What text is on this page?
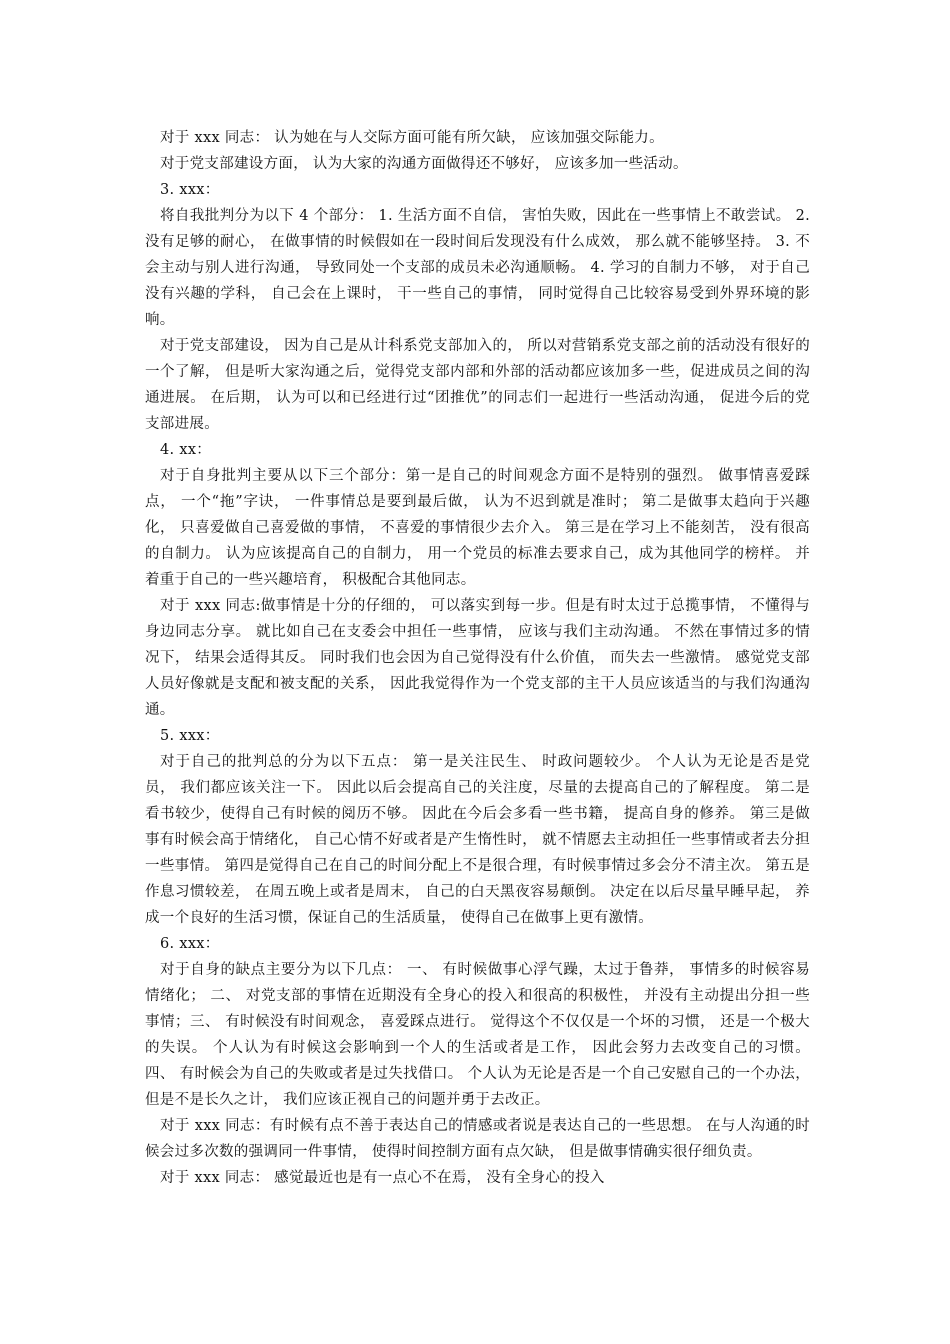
对于 xxx 同志： 认为她在与人交际方面可能有所欠缺， 应该加强交际能力。

对于党支部建设方面， 认为大家的沟通方面做得还不够好， 应该多加一些活动。

3. xxx：

将自我批判分为以下 4 个部分： 1. 生活方面不自信， 害怕失败，因此在一些事情上不敢尝试。 2. 没有足够的耐心， 在做事情的时候假如在一段时间后发现没有什么成效， 那么就不能够坚持。 3. 不会主动与别人进行沟通， 导致同处一个支部的成员未必沟通顺畅。 4. 学习的自制力不够， 对于自己没有兴趣的学科， 自己会在上课时， 干一些自己的事情， 同时觉得自己比较容易受到外界环境的影响。

对于党支部建设， 因为自己是从计科系党支部加入的， 所以对营销系党支部之前的活动没有很好的一个了解， 但是听大家沟通之后，觉得党支部内部和外部的活动都应该加多一些，促进成员之间的沟通进展。 在后期， 认为可以和已经进行过“团推优”的同志们一起进行一些活动沟通， 促进今后的党支部进展。

4. xx：

对于自身批判主要从以下三个部分：第一是自己的时间观念方面不是特别的强烈。 做事情喜爱踩点， 一个“拖”字诀， 一件事情总是要到最后做， 认为不迟到就是准时； 第二是做事太趋向于兴趣化， 只喜爱做自己喜爱做的事情， 不喜爱的事情很少去介入。 第三是在学习上不能刻苦， 没有很高的自制力。 认为应该提高自己的自制力， 用一个党员的标准去要求自己，成为其他同学的榜样。 并着重于自己的一些兴趣培育， 积极配合其他同志。

对于 xxx 同志:做事情是十分的仔细的， 可以落实到每一步。但是有时太过于总揽事情， 不懂得与身边同志分享。 就比如自己在支委会中担任一些事情， 应该与我们主动沟通。 不然在事情过多的情况下， 结果会适得其反。 同时我们也会因为自己觉得没有什么价值， 而失去一些激情。 感觉党支部人员好像就是支配和被支配的关系， 因此我觉得作为一个党支部的主干人员应该适当的与我们沟通沟通。

5. xxx：

对于自己的批判总的分为以下五点： 第一是关注民生、 时政问题较少。 个人认为无论是否是党员， 我们都应该关注一下。 因此以后会提高自己的关注度，尽量的去提高自己的了解程度。 第二是看书较少，使得自己有时候的阅历不够。 因此在今后会多看一些书籍， 提高自身的修养。 第三是做事有时候会高于情绪化， 自己心情不好或者是产生惰性时， 就不情愿去主动担任一些事情或者去分担一些事情。 第四是觉得自己在自己的时间分配上不是很合理，有时候事情过多会分不清主次。 第五是作息习惯较差， 在周五晚上或者是周末， 自己的白天黑夜容易颠倒。 决定在以后尽量早睡早起， 养成一个良好的生活习惯，保证自己的生活质量， 使得自己在做事上更有激情。

6. xxx：

对于自身的缺点主要分为以下几点： 一、 有时候做事心浮气躁，太过于鲁莽， 事情多的时候容易情绪化； 二、 对党支部的事情在近期没有全身心的投入和很高的积极性， 并没有主动提出分担一些事情；三、 有时候没有时间观念， 喜爱踩点进行。 觉得这个不仅仅是一个坏的习惯， 还是一个极大的失误。 个人认为有时候这会影响到一个人的生活或者是工作， 因此会努力去改变自己的习惯。 四、 有时候会为自己的失败或者是过失找借口。 个人认为无论是否是一个自己安慰自己的一个办法， 但是不是长久之计， 我们应该正视自己的问题并勇于去改正。

对于 xxx 同志：有时候有点不善于表达自己的情感或者说是表达自己的一些思想。 在与人沟通的时候会过多次数的强调同一件事情， 使得时间控制方面有点欠缺， 但是做事情确实很仔细负责。

对于 xxx 同志： 感觉最近也是有一点心不在焉， 没有全身心的投入
